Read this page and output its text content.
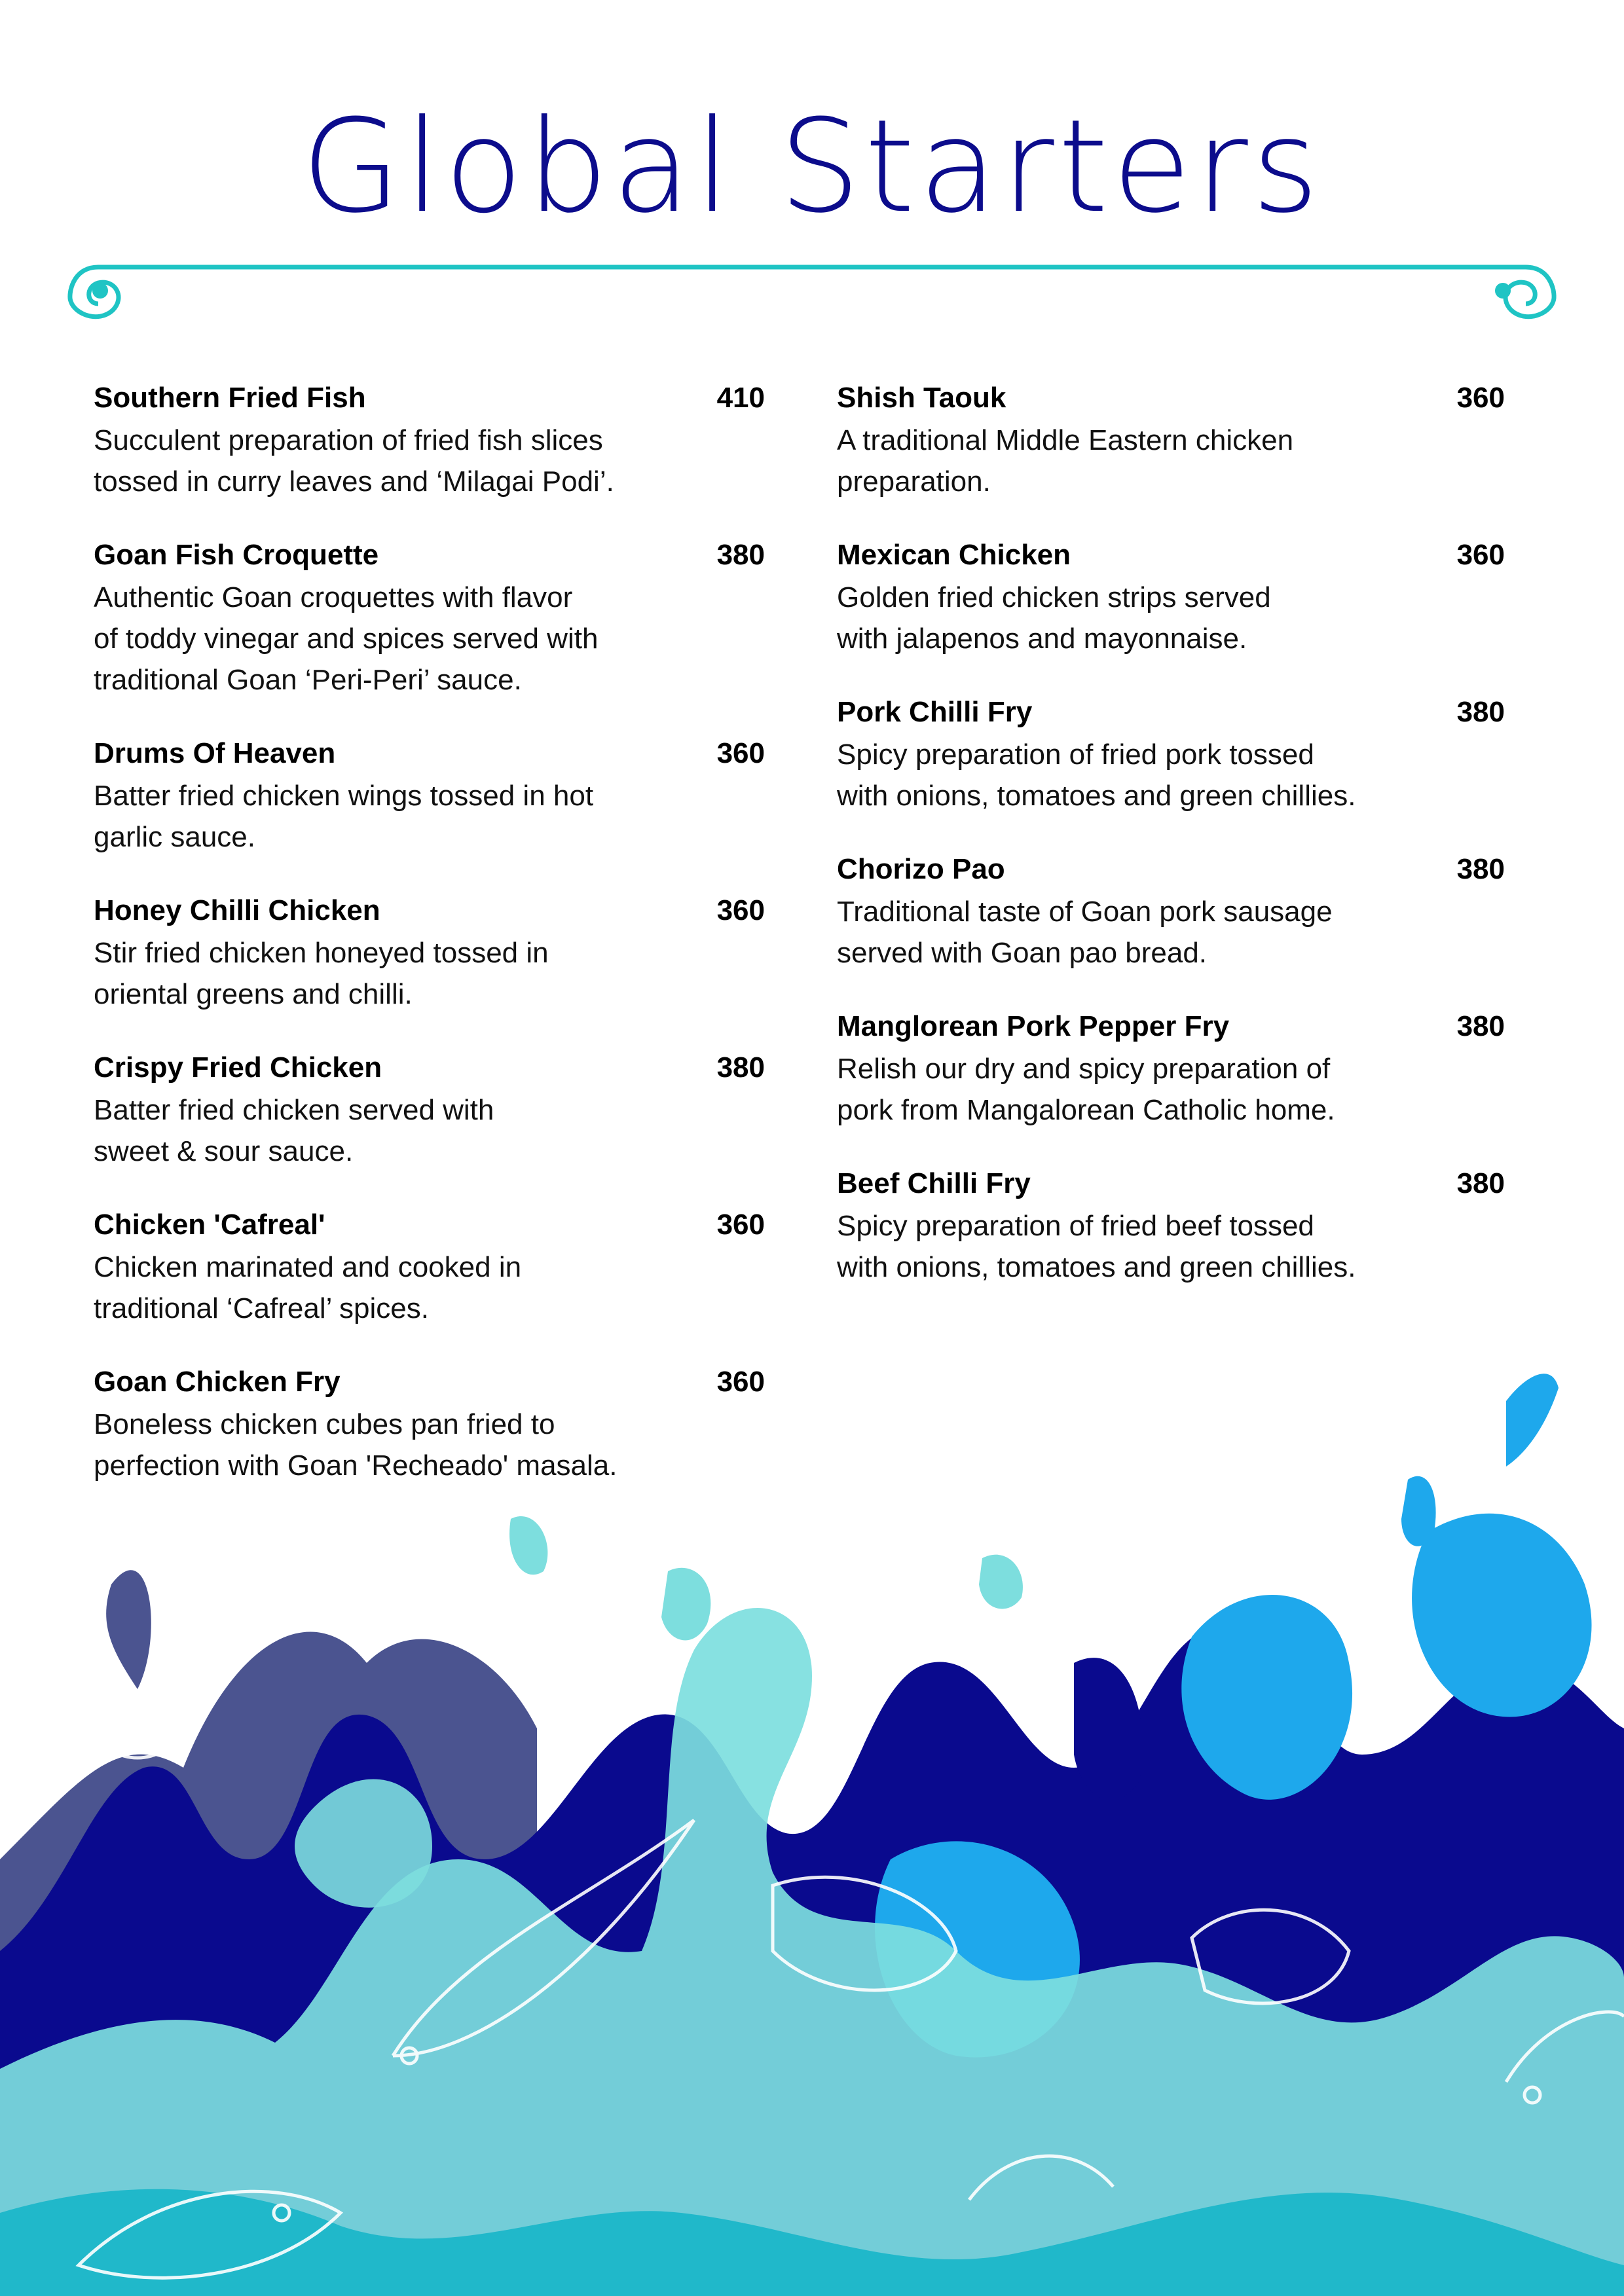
Global Starters
Southern Fried Fish	410
Succulent preparation of fried fish slices
tossed in curry leaves and ‘Milagai Podi’.
Goan Fish Croquette	380
Authentic Goan croquettes with flavor
of toddy vinegar and spices served with
traditional Goan ‘Peri-Peri’ sauce.
Drums Of Heaven	360
Batter fried chicken wings tossed in hot
garlic sauce.
Honey Chilli Chicken	360
Stir fried chicken honeyed tossed in
oriental greens and chilli.
Crispy Fried Chicken	380
Batter fried chicken served with
sweet & sour sauce.
Chicken 'Cafreal'	360
Chicken marinated and cooked in
traditional ‘Cafreal’ spices.
Goan Chicken Fry	360
Boneless chicken cubes pan fried to
perfection with Goan 'Recheado' masala.
Shish Taouk	360
A traditional Middle Eastern chicken
preparation.
Mexican Chicken	360
Golden fried chicken strips served
with jalapenos and mayonnaise.
Pork Chilli Fry	380
Spicy preparation of fried pork tossed
with onions, tomatoes and green chillies.
Chorizo Pao	380
Traditional taste of Goan pork sausage
served with Goan pao bread.
Manglorean Pork Pepper Fry	380
Relish our dry and spicy preparation of
pork from Mangalorean Catholic home.
Beef Chilli Fry	380
Spicy preparation of fried beef tossed
with onions, tomatoes and green chillies.
